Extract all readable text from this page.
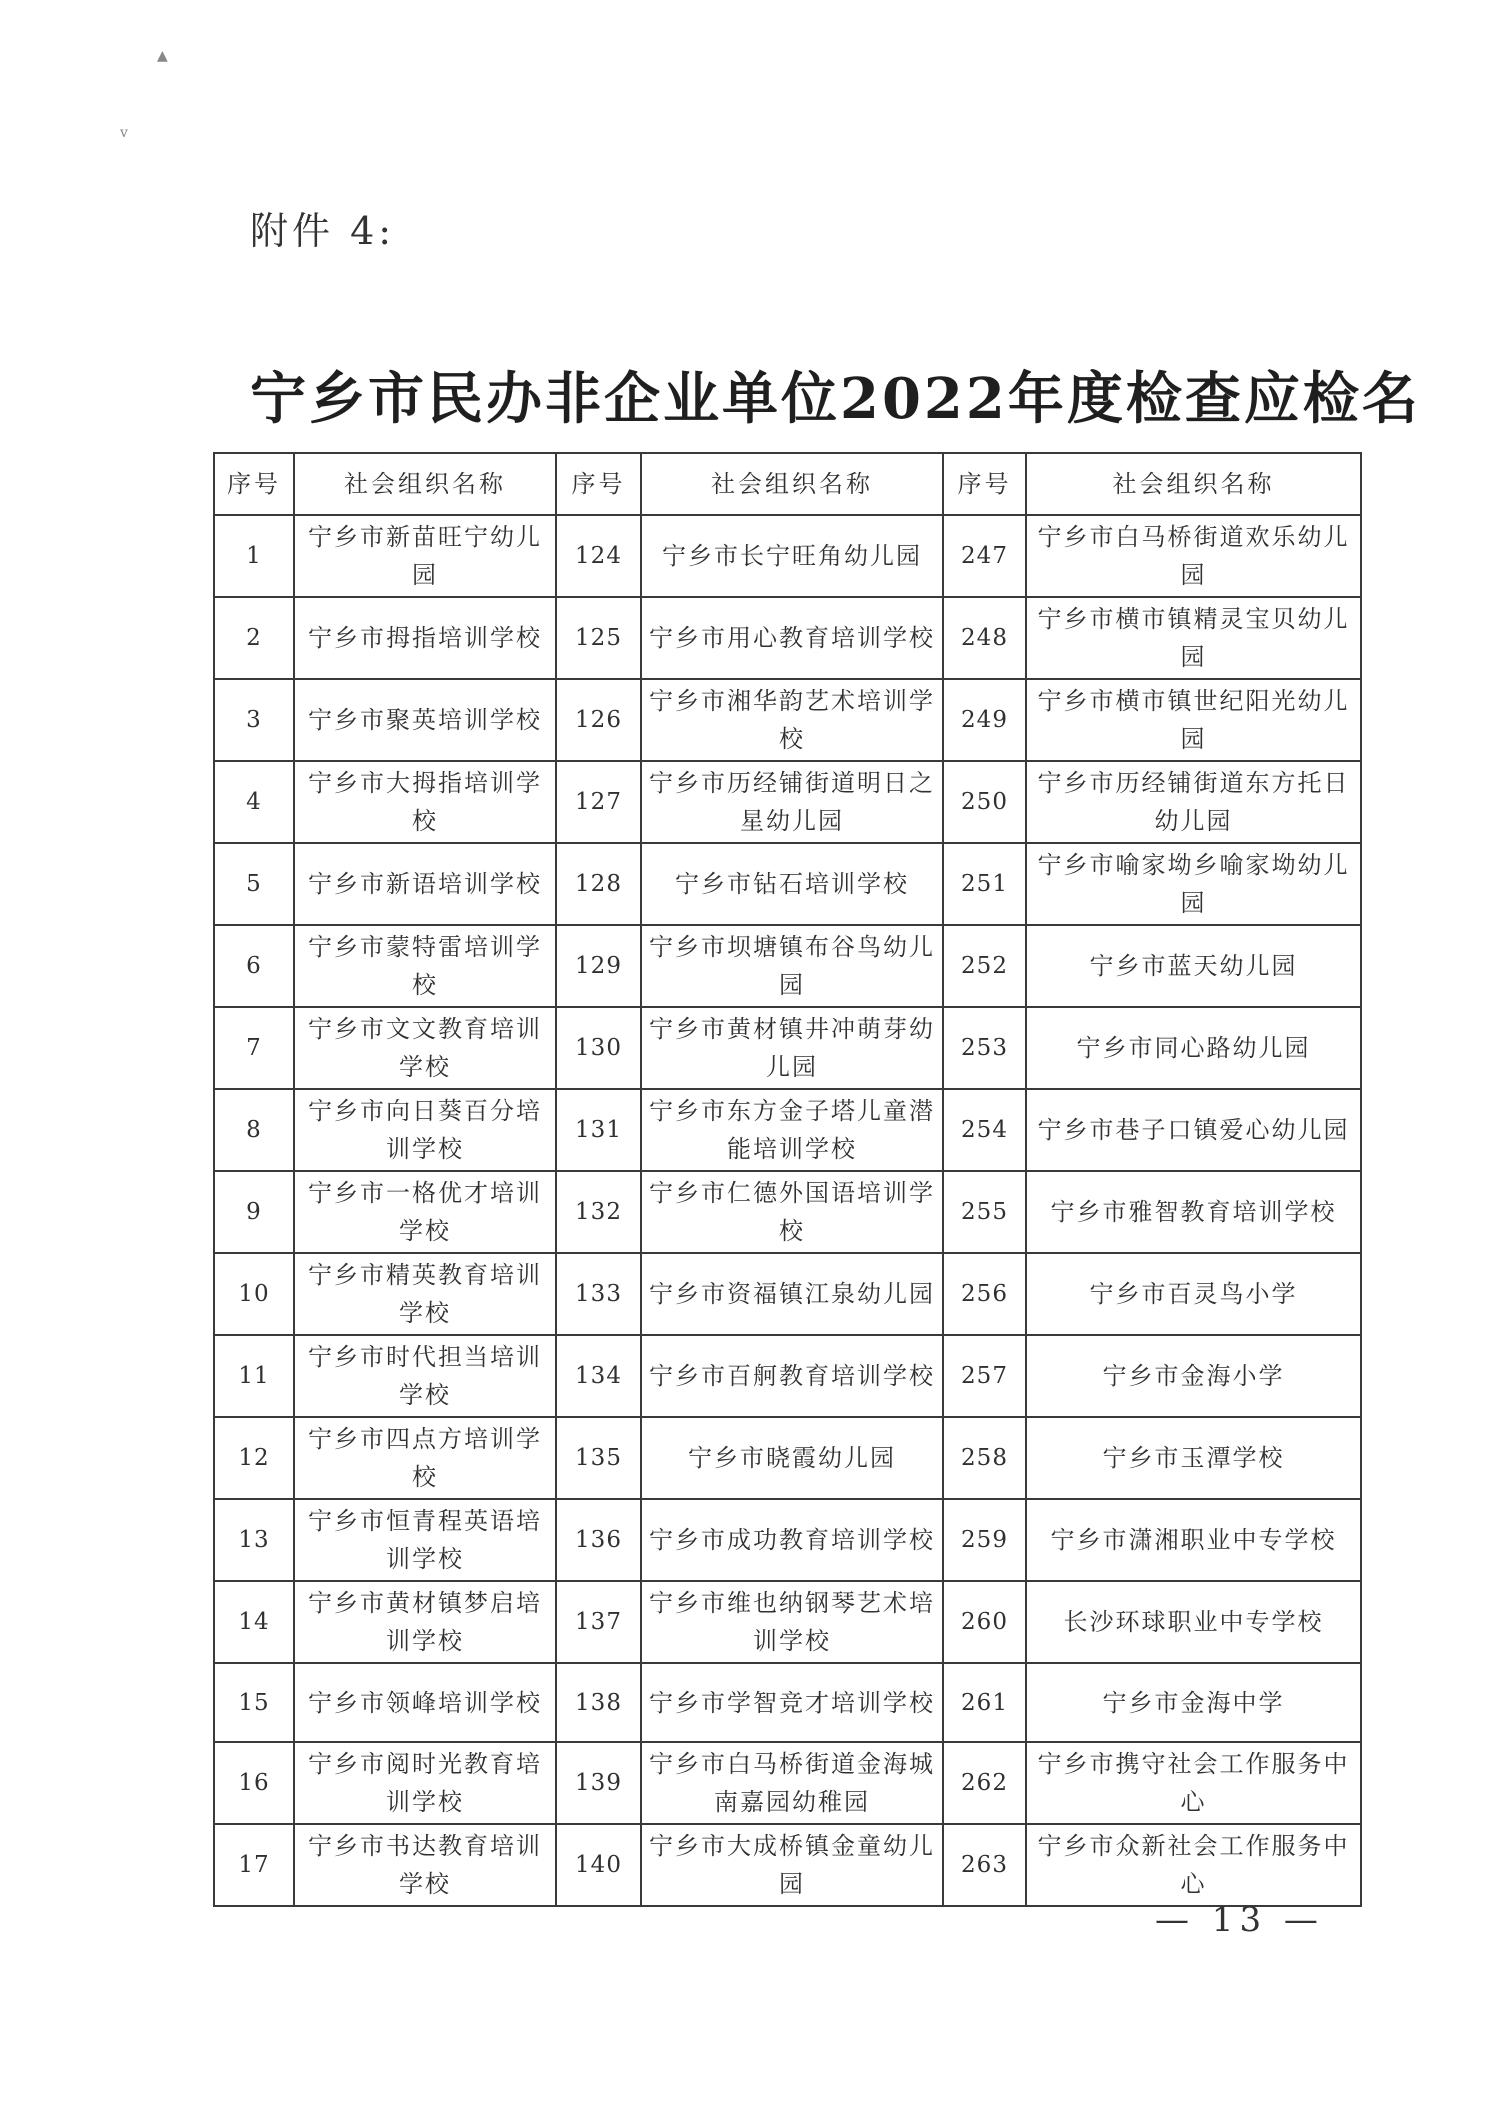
▲
v
附件 4:
宁乡市民办非企业单位2022年度检查应检名
序号	社会组织名称	序号	社会组织名称	序号	社会组织名称
1	宁乡市新苗旺宁幼儿园	124	宁乡市长宁旺角幼儿园	247	宁乡市白马桥街道欢乐幼儿园
2	宁乡市拇指培训学校	125	宁乡市用心教育培训学校	248	宁乡市横市镇精灵宝贝幼儿园
3	宁乡市聚英培训学校	126	宁乡市湘华韵艺术培训学校	249	宁乡市横市镇世纪阳光幼儿园
4	宁乡市大拇指培训学校	127	宁乡市历经铺街道明日之星幼儿园	250	宁乡市历经铺街道东方托日幼儿园
5	宁乡市新语培训学校	128	宁乡市钻石培训学校	251	宁乡市喻家坳乡喻家坳幼儿园
6	宁乡市蒙特雷培训学校	129	宁乡市坝塘镇布谷鸟幼儿园	252	宁乡市蓝天幼儿园
7	宁乡市文文教育培训学校	130	宁乡市黄材镇井冲萌芽幼儿园	253	宁乡市同心路幼儿园
8	宁乡市向日葵百分培训学校	131	宁乡市东方金子塔儿童潜能培训学校	254	宁乡市巷子口镇爱心幼儿园
9	宁乡市一格优才培训学校	132	宁乡市仁德外国语培训学校	255	宁乡市雅智教育培训学校
10	宁乡市精英教育培训学校	133	宁乡市资福镇江泉幼儿园	256	宁乡市百灵鸟小学
11	宁乡市时代担当培训学校	134	宁乡市百舸教育培训学校	257	宁乡市金海小学
12	宁乡市四点方培训学校	135	宁乡市晓霞幼儿园	258	宁乡市玉潭学校
13	宁乡市恒青程英语培训学校	136	宁乡市成功教育培训学校	259	宁乡市潇湘职业中专学校
14	宁乡市黄材镇梦启培训学校	137	宁乡市维也纳钢琴艺术培训学校	260	长沙环球职业中专学校
15	宁乡市领峰培训学校	138	宁乡市学智竞才培训学校	261	宁乡市金海中学
16	宁乡市阅时光教育培训学校	139	宁乡市白马桥街道金海城南嘉园幼稚园	262	宁乡市携守社会工作服务中心
17	宁乡市书达教育培训学校	140	宁乡市大成桥镇金童幼儿园	263	宁乡市众新社会工作服务中心
— 13 —
